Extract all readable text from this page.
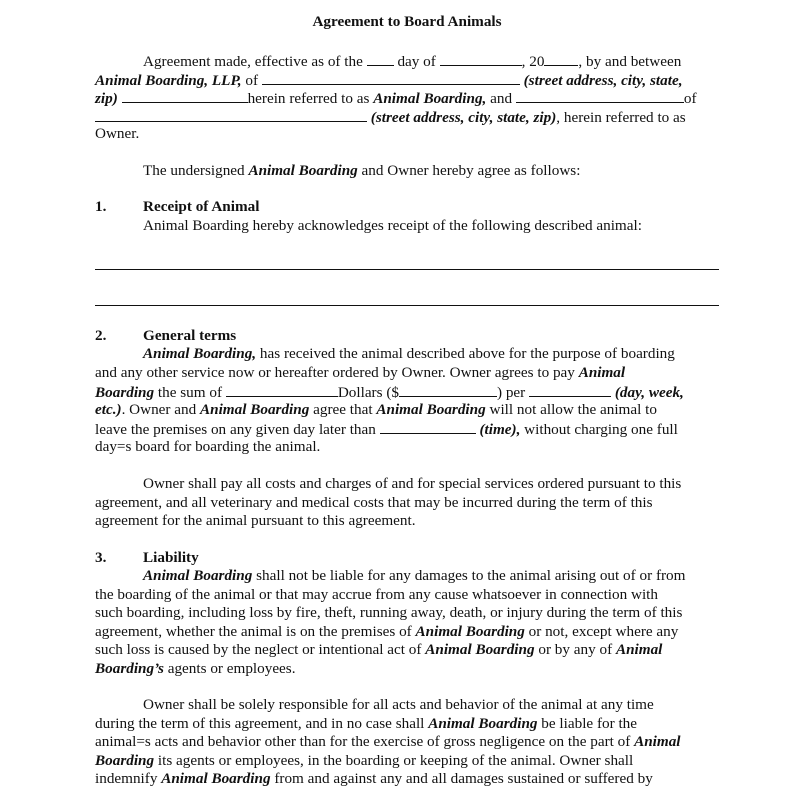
Agreement to Board Animals
Agreement made, effective as of the day of	, 20 , by and between
Animal Boarding, LLP, of	(street address, city, state,
zip)	herein referred to as Animal Boarding, and	of
(street address, city, state, zip), herein referred to as
Owner.
The undersigned Animal Boarding and Owner hereby agree as follows:
1. Receipt of Animal
Animal Boarding hereby acknowledges receipt of the following described animal:
2. General terms
Animal Boarding, has received the animal described above for the purpose of boarding
and any other service now or hereafter ordered by Owner. Owner agrees to pay Animal
Boarding the sum of	Dollars ($	) per	(day, week,
etc.). Owner and Animal Boarding agree that Animal Boarding will not allow the animal to
leave the premises on any given day later than	(time), without charging one full
day=s board for boarding the animal.
Owner shall pay all costs and charges of and for special services ordered pursuant to this
agreement, and all veterinary and medical costs that may be incurred during the term of this
agreement for the animal pursuant to this agreement.
3. Liability
Animal Boarding shall not be liable for any damages to the animal arising out of or from
the boarding of the animal or that may accrue from any cause whatsoever in connection with
such boarding, including loss by fire, theft, running away, death, or injury during the term of this
agreement, whether the animal is on the premises of Animal Boarding or not, except where any
such loss is caused by the neglect or intentional act of Animal Boarding or by any of Animal
Boarding’s agents or employees.
Owner shall be solely responsible for all acts and behavior of the animal at any time
during the term of this agreement, and in no case shall Animal Boarding be liable for the
animal=s acts and behavior other than for the exercise of gross negligence on the part of Animal
Boarding its agents or employees, in the boarding or keeping of the animal. Owner shall
indemnify Animal Boarding from and against any and all damages sustained or suffered by
